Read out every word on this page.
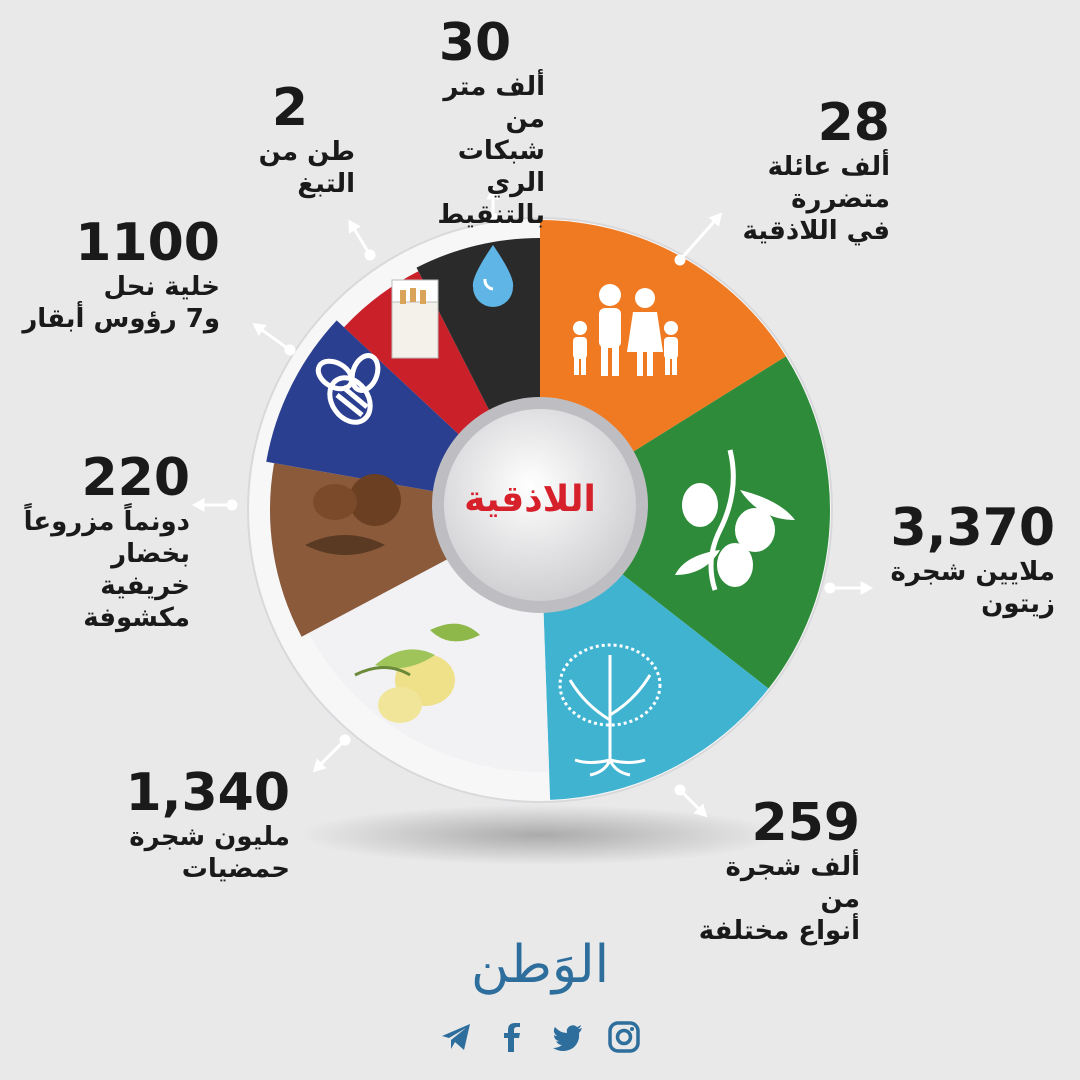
اللاذقية
28
ألف عائلة متضررة
في اللاذقية
3,370
ملايين شجرة
زيتون
259
ألف شجرة من
أنواع مختلفة
1,340
مليون شجرة
حمضيات
220
دونماً مزروعاً
بخضار خريفية
مكشوفة
1100
خلية نحل
و7 رؤوس أبقار
2
طن من
التبغ
30
ألف متر من
شبكات الري
بالتنقيط
الوَطن
